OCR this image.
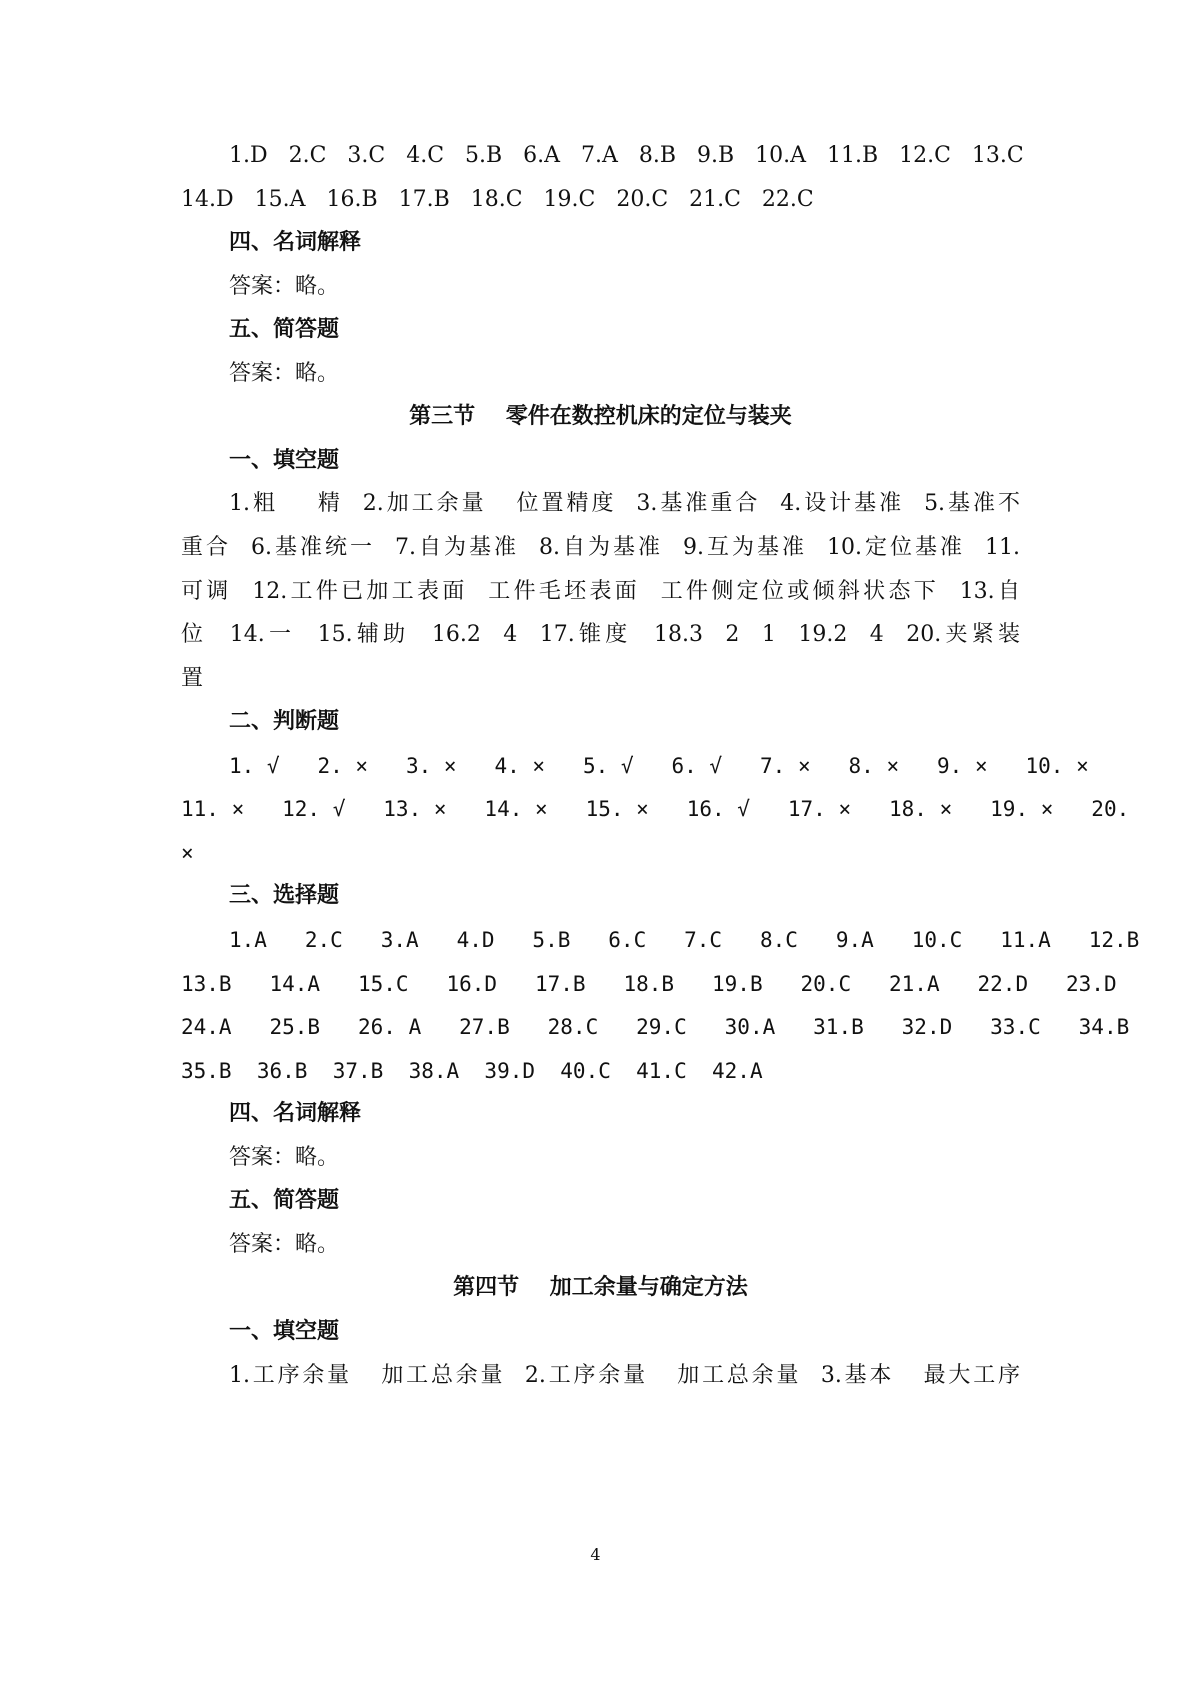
1.D   2.C   3.C   4.C   5.B   6.A   7.A   8.B   9.B   10.A   11.B   12.C   13.C
14.D   15.A   16.B   17.B   18.C   19.C   20.C   21.C   22.C
四、名词解释
答案：略。
五、简答题
答案：略。
第三节    零件在数控机床的定位与装夹
一、填空题
1.粗    精  2.加工余量   位置精度  3.基准重合  4.设计基准  5.基准不
重合  6.基准统一  7.自为基准  8.自为基准  9.互为基准  10.定位基准  11.
可调  12.工件已加工表面  工件毛坯表面  工件侧定位或倾斜状态下  13.自
位  14.一  15.辅助  16.2  4  17.锥度  18.3  2  1  19.2  4  20.夹紧装
置
二、判断题
1. √   2. ×   3. ×   4. ×   5. √   6. √   7. ×   8. ×   9. ×   10. ×
11. ×   12. √   13. ×   14. ×   15. ×   16. √   17. ×   18. ×   19. ×   20.
×
三、选择题
1.A   2.C   3.A   4.D   5.B   6.C   7.C   8.C   9.A   10.C   11.A   12.B
13.B   14.A   15.C   16.D   17.B   18.B   19.B   20.C   21.A   22.D   23.D
24.A   25.B   26. A   27.B   28.C   29.C   30.A   31.B   32.D   33.C   34.B
35.B  36.B  37.B  38.A  39.D  40.C  41.C  42.A
四、名词解释
答案：略。
五、简答题
答案：略。
第四节    加工余量与确定方法
一、填空题
1.工序余量   加工总余量  2.工序余量   加工总余量  3.基本   最大工序
4
